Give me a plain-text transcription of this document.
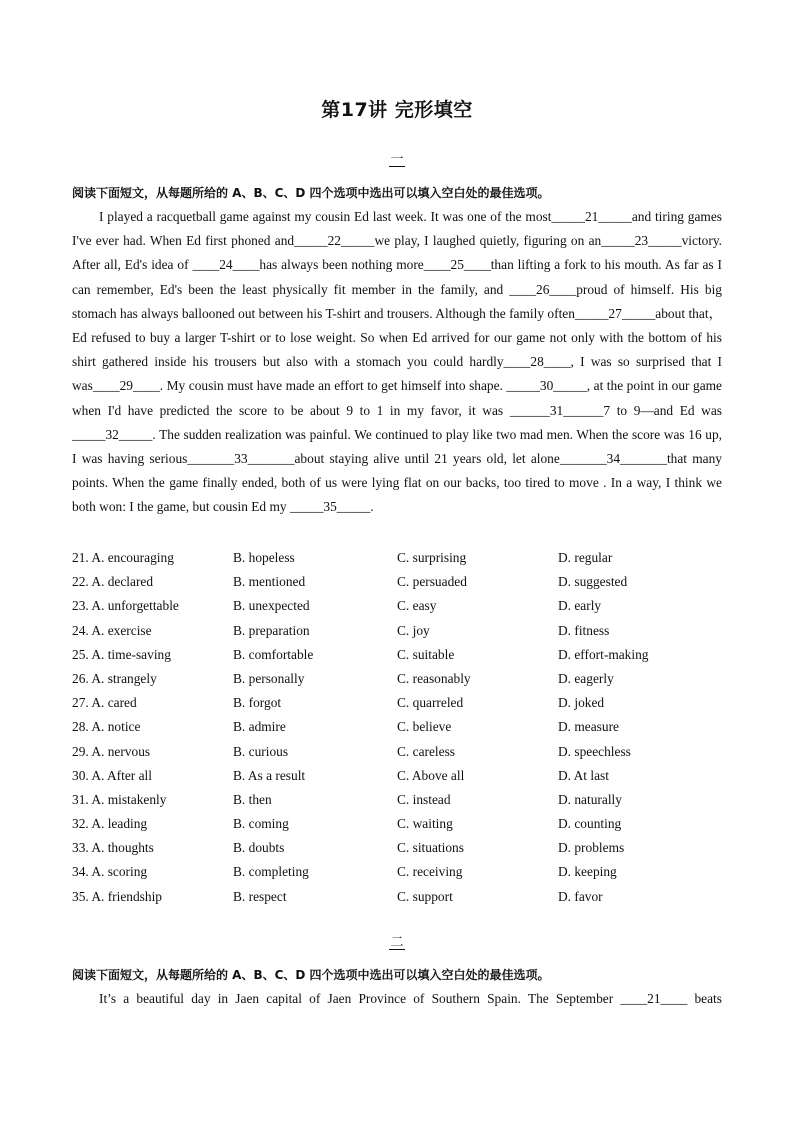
第17讲 完形填空
一
阅读下面短文，从每题所给的 A、B、C、D 四个选项中选出可以填入空白处的最佳选项。

I played a racquetball game against my cousin Ed last week. It was one of the most_____21_____and tiring games I've ever had. When Ed first phoned and_____22_____we play, I laughed quietly, figuring on an_____23_____victory. After all, Ed's idea of ____24____has always been nothing more____25____than lifting a fork to his mouth. As far as I can remember, Ed's been the least physically fit member in the family, and ____26____proud of himself. His big stomach has always ballooned out between his T-shirt and trousers. Although the family often_____27_____about that，Ed refused to buy a larger T-shirt or to lose weight. So when Ed arrived for our game not only with the bottom of his shirt gathered inside his trousers but also with a stomach you could hardly____28____, I was so surprised that I was____29____. My cousin must have made an effort to get himself into shape. _____30_____, at the point in our game when I'd have predicted the score to be about 9 to 1 in my favor, it was ______31______7 to 9—and Ed was _____32_____. The sudden realization was painful. We continued to play like two mad men. When the score was 16 up, I was having serious_______33_______about staying alive until 21 years old, let alone_______34_______that many points. When the game finally ended, both of us were lying flat on our backs, too tired to move . In a way, I think we both won: I the game, but cousin Ed my _____35_____.

21. A. encouraging	B. hopeless	C. surprising	D. regular
22. A. declared	B. mentioned	C. persuaded	D. suggested
23. A. unforgettable	B. unexpected	C. easy	D. early
24. A. exercise	B. preparation	C. joy	D. fitness
25. A. time-saving	B. comfortable	C. suitable	D. effort-making
26. A. strangely	B. personally	C. reasonably	D. eagerly
27. A. cared	B. forgot	C. quarreled	D. joked
28. A. notice	B. admire	C. believe	D. measure
29. A. nervous	B. curious	C. careless	D. speechless
30. A. After all	B. As a result	C. Above all	D. At last
31. A. mistakenly	B. then	C. instead	D. naturally
32. A. leading	B. coming	C. waiting	D. counting
33. A. thoughts	B. doubts	C. situations	D. problems
34. A. scoring	B. completing	C. receiving	D. keeping
35. A. friendship	B. respect	C. support	D. favor
二
阅读下面短文，从每题所给的 A、B、C、D 四个选项中选出可以填入空白处的最佳选项。

It’s a beautiful day in Jaen capital of Jaen Province of Southern Spain. The September ____21____ beats
